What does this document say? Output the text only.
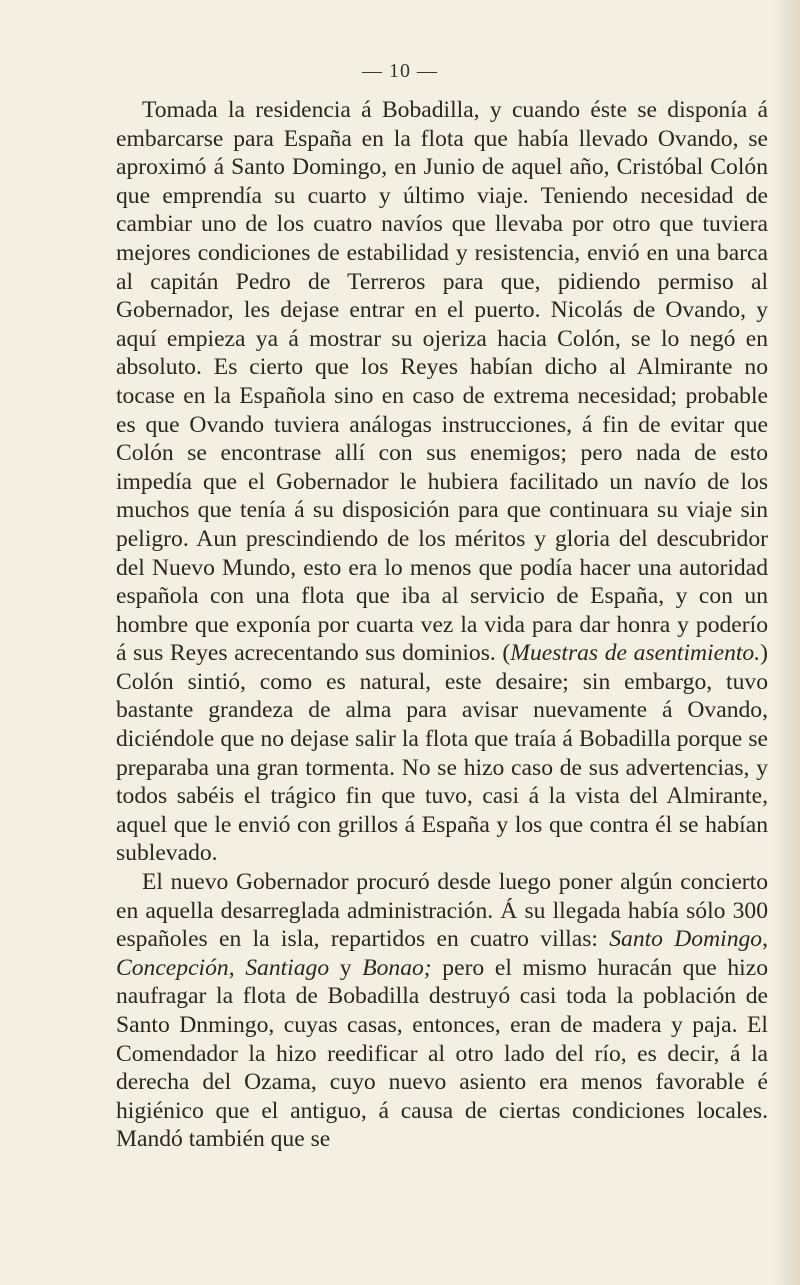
— 10 —

Tomada la residencia á Bobadilla, y cuando éste se disponía á embarcarse para España en la flota que había llevado Ovando, se aproximó á Santo Domingo, en Junio de aquel año, Cristóbal Colón que emprendía su cuarto y último viaje. Teniendo necesidad de cambiar uno de los cuatro navíos que llevaba por otro que tuviera mejores condiciones de estabilidad y resistencia, envió en una barca al capitán Pedro de Terreros para que, pidiendo permiso al Gobernador, les dejase entrar en el puerto. Nicolás de Ovando, y aquí empieza ya á mostrar su ojeriza hacia Colón, se lo negó en absoluto. Es cierto que los Reyes habían dicho al Almirante no tocase en la Española sino en caso de extrema necesidad; probable es que Ovando tuviera análogas instrucciones, á fin de evitar que Colón se encontrase allí con sus enemigos; pero nada de esto impedía que el Gobernador le hubiera facilitado un navío de los muchos que tenía á su disposición para que continuara su viaje sin peligro. Aun prescindiendo de los méritos y gloria del descubridor del Nuevo Mundo, esto era lo menos que podía hacer una autoridad española con una flota que iba al servicio de España, y con un hombre que exponía por cuarta vez la vida para dar honra y poderío á sus Reyes acrecentando sus dominios. (Muestras de asentimiento.) Colón sintió, como es natural, este desaire; sin embargo, tuvo bastante grandeza de alma para avisar nuevamente á Ovando, diciéndole que no dejase salir la flota que traía á Bobadilla porque se preparaba una gran tormenta. No se hizo caso de sus advertencias, y todos sabéis el trágico fin que tuvo, casi á la vista del Almirante, aquel que le envió con grillos á España y los que contra él se habían sublevado.

El nuevo Gobernador procuró desde luego poner algún concierto en aquella desarreglada administración. Á su llegada había sólo 300 españoles en la isla, repartidos en cuatro villas: Santo Domingo, Concepción, Santiago y Bonao; pero el mismo huracán que hizo naufragar la flota de Bobadilla destruyó casi toda la población de Santo Dnmingo, cuyas casas, entonces, eran de madera y paja. El Comendador la hizo reedificar al otro lado del río, es decir, á la derecha del Ozama, cuyo nuevo asiento era menos favorable é higiénico que el antiguo, á causa de ciertas condiciones locales. Mandó también que se
